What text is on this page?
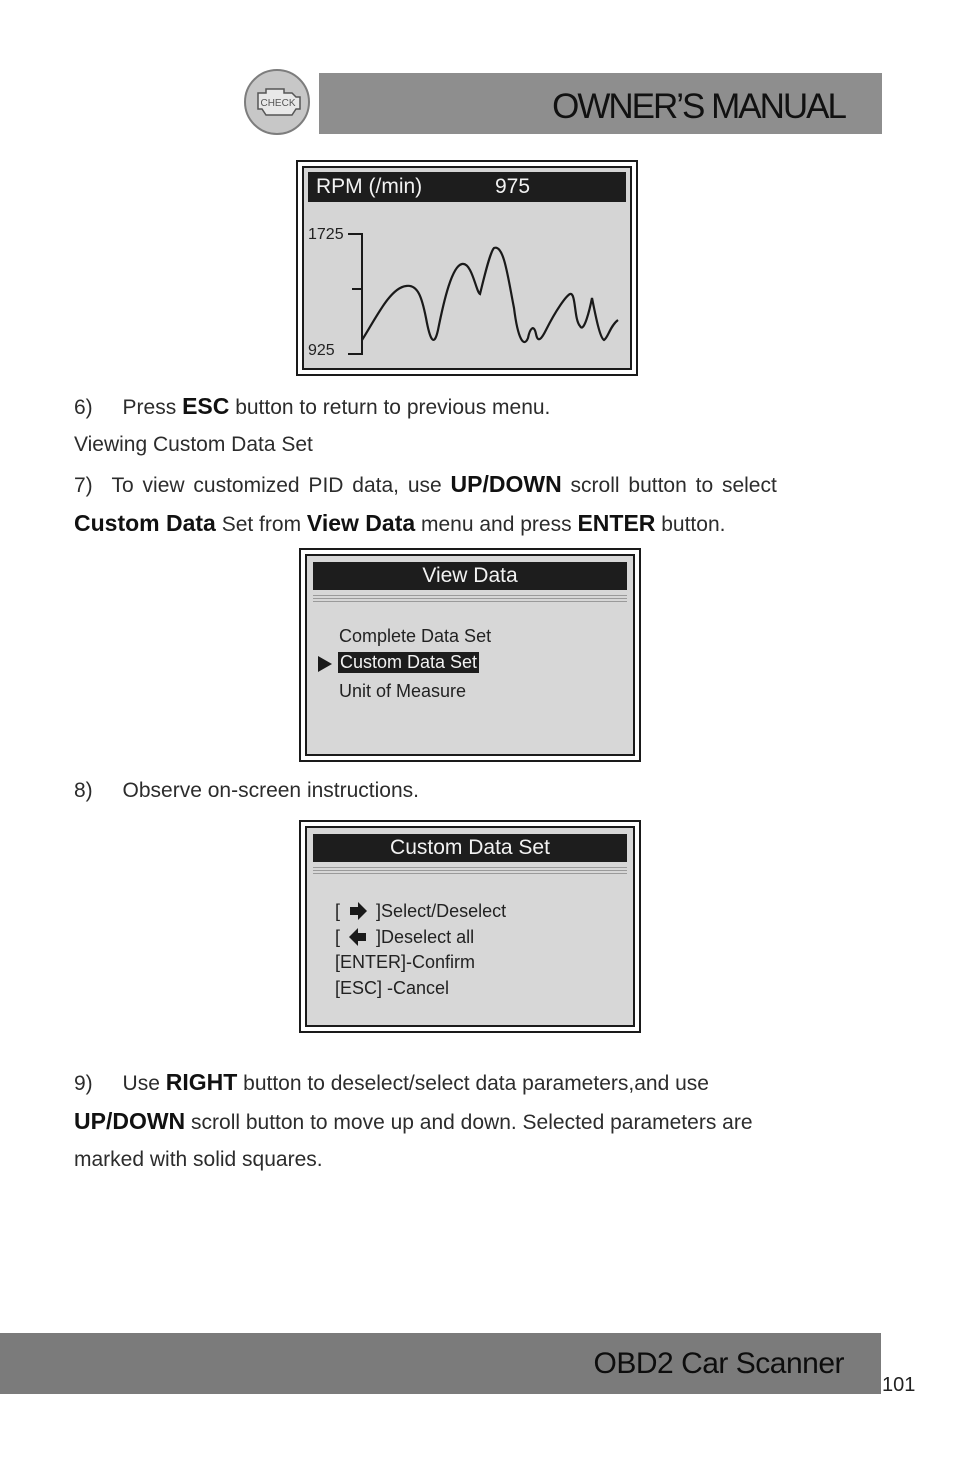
CHECK	OWNER’S MANUAL
RPM (/min)	975
1725
925
6) Press ESC button to return to previous menu.
Viewing Custom Data Set
7) To view customized PID data, use UP/DOWN scroll button to select
Custom Data Set from View Data menu and press ENTER button.
View Data
Complete Data Set
Custom Data Set
Unit of Measure
8) Observe on-screen instructions.
Custom Data Set
[ ]Select/Deselect
[ ]Deselect all
[ENTER]-Confirm
[ESC] -Cancel
9) Use RIGHT button to deselect/select data parameters,and use
UP/DOWN scroll button to move up and down. Selected parameters are
marked with solid squares.
OBD2 Car Scanner
101
